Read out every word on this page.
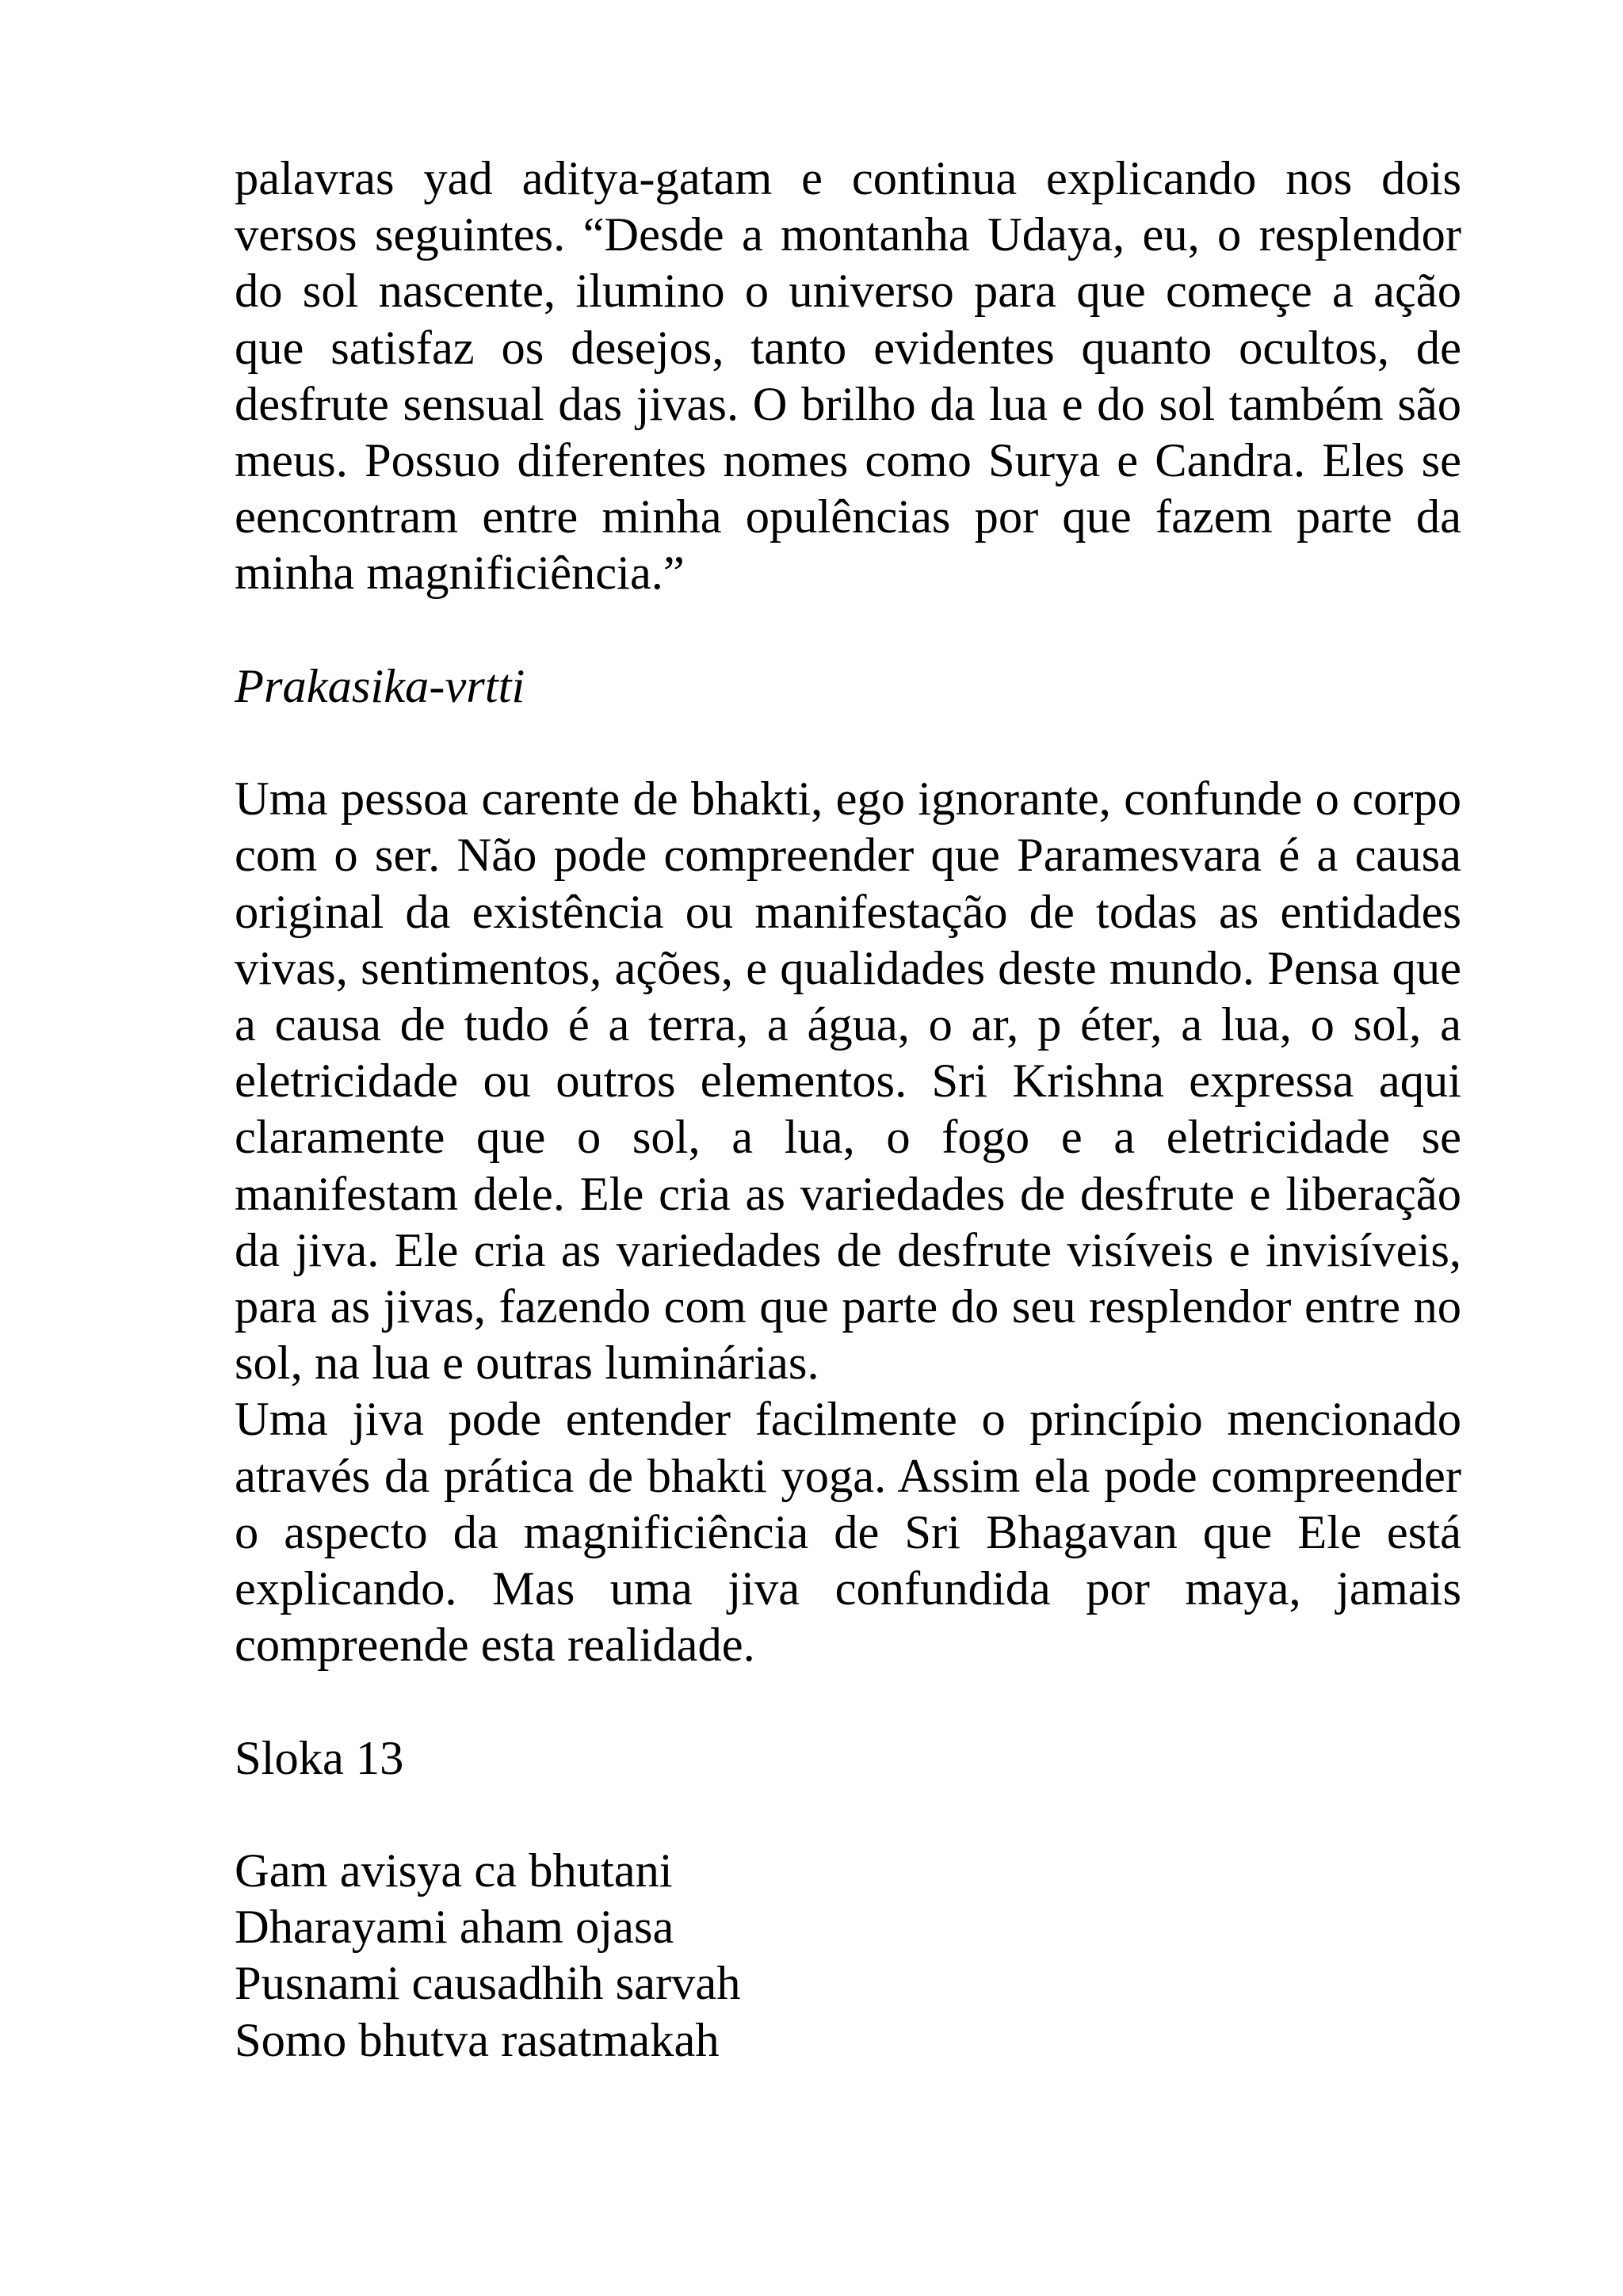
palavras yad aditya-gatam e continua explicando nos dois versos seguintes. “Desde a montanha Udaya, eu, o resplendor do sol nascente, ilumino o universo para que começe a ação que satisfaz os desejos, tanto evidentes quanto ocultos, de desfrute sensual das jivas. O brilho da lua e do sol também são meus. Possuo diferentes nomes como Surya e Candra. Eles se eencontram entre minha opulências por que fazem parte da minha magnificiência.”

Prakasika-vrtti

Uma pessoa carente de bhakti, ego ignorante, confunde o corpo com o ser. Não pode compreender que Paramesvara é a causa original da existência ou manifestação de todas as entidades vivas, sentimentos, ações, e qualidades deste mundo. Pensa que a causa de tudo é a terra, a água, o ar, p éter, a lua, o sol, a eletricidade ou outros elementos. Sri Krishna expressa aqui claramente que o sol, a lua, o fogo e a eletricidade se manifestam dele. Ele cria as variedades de desfrute e liberação da jiva. Ele cria as variedades de desfrute visíveis e invisíveis, para as jivas, fazendo com que parte do seu resplendor entre no sol, na lua e outras luminárias.

Uma jiva pode entender facilmente o princípio mencionado através da prática de bhakti yoga. Assim ela pode compreender o aspecto da magnificiência de Sri Bhagavan que Ele está explicando. Mas uma jiva confundida por maya, jamais compreende esta realidade.

Sloka 13

Gam avisya ca bhutani
Dharayami aham ojasa
Pusnami causadhih sarvah
Somo bhutva rasatmakah
